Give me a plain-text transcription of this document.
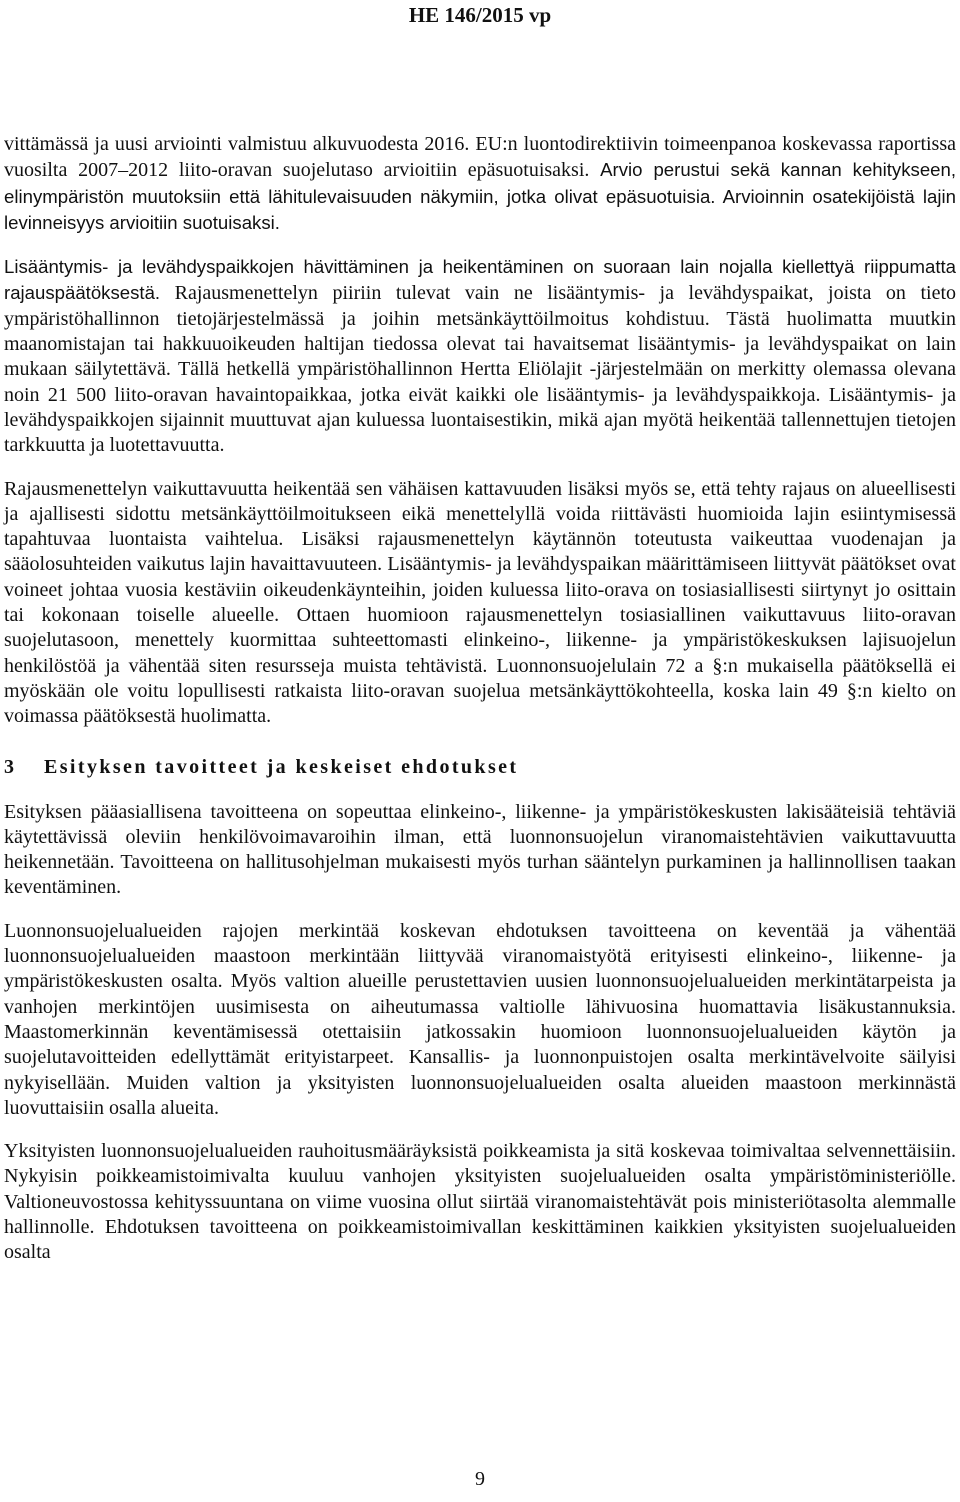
HE 146/2015 vp

vittämässä ja uusi arviointi valmistuu alkuvuodesta 2016. EU:n luontodirektiivin toimeenpanoa koskevassa raportissa vuosilta 2007–2012 liito-oravan suojelutaso arvioitiin epäsuotuisaksi. Arvio perustui sekä kannan kehitykseen, elinympäristön muutoksiin että lähitulevaisuuden näkymiin, jotka olivat epäsuotuisia. Arvioinnin osatekijöistä lajin levinneisyys arvioitiin suotuisaksi.

Lisääntymis- ja levähdyspaikkojen hävittäminen ja heikentäminen on suoraan lain nojalla kiellettyä riippumatta rajauspäätöksestä. Rajausmenettelyn piiriin tulevat vain ne lisääntymis- ja levähdyspaikat, joista on tieto ympäristöhallinnon tietojärjestelmässä ja joihin metsänkäyttöilmoitus kohdistuu. Tästä huolimatta muutkin maanomistajan tai hakkuuoikeuden haltijan tiedossa olevat tai havaitsemat lisääntymis- ja levähdyspaikat on lain mukaan säilytettävä. Tällä hetkellä ympäristöhallinnon Hertta Eliölajit -järjestelmään on merkitty olemassa olevana noin 21 500 liito-oravan havaintopaikkaa, jotka eivät kaikki ole lisääntymis- ja levähdyspaikkoja. Lisääntymis- ja levähdyspaikkojen sijainnit muuttuvat ajan kuluessa luontaisestikin, mikä ajan myötä heikentää tallennettujen tietojen tarkkuutta ja luotettavuutta.

Rajausmenettelyn vaikuttavuutta heikentää sen vähäisen kattavuuden lisäksi myös se, että tehty rajaus on alueellisesti ja ajallisesti sidottu metsänkäyttöilmoitukseen eikä menettelyllä voida riittävästi huomioida lajin esiintymisessä tapahtuvaa luontaista vaihtelua. Lisäksi rajausmenettelyn käytännön toteutusta vaikeuttaa vuodenajan ja sääolosuhteiden vaikutus lajin havaittavuuteen. Lisääntymis- ja levähdyspaikan määrittämiseen liittyvät päätökset ovat voineet johtaa vuosia kestäviin oikeudenkäynteihin, joiden kuluessa liito-orava on tosiasiallisesti siirtynyt jo osittain tai kokonaan toiselle alueelle. Ottaen huomioon rajausmenettelyn tosiasiallinen vaikuttavuus liito-oravan suojelutasoon, menettely kuormittaa suhteettomasti elinkeino-, liikenne- ja ympäristökeskuksen lajisuojelun henkilöstöä ja vähentää siten resursseja muista tehtävistä. Luonnonsuojelulain 72 a §:n mukaisella päätöksellä ei myöskään ole voitu lopullisesti ratkaista liito-oravan suojelua metsänkäyttökohteella, koska lain 49 §:n kielto on voimassa päätöksestä huolimatta.

3 Esityksen tavoitteet ja keskeiset ehdotukset

Esityksen pääasiallisena tavoitteena on sopeuttaa elinkeino-, liikenne- ja ympäristökeskusten lakisääteisiä tehtäviä käytettävissä oleviin henkilövoimavaroihin ilman, että luonnonsuojelun viranomaistehtävien vaikuttavuutta heikennetään. Tavoitteena on hallitusohjelman mukaisesti myös turhan sääntelyn purkaminen ja hallinnollisen taakan keventäminen.

Luonnonsuojelualueiden rajojen merkintää koskevan ehdotuksen tavoitteena on keventää ja vähentää luonnonsuojelualueiden maastoon merkintään liittyvää viranomaistyötä erityisesti elinkeino-, liikenne- ja ympäristökeskusten osalta. Myös valtion alueille perustettavien uusien luonnonsuojelualueiden merkintätarpeista ja vanhojen merkintöjen uusimisesta on aiheutumassa valtiolle lähivuosina huomattavia lisäkustannuksia. Maastomerkinnän keventämisessä otettaisiin jatkossakin huomioon luonnonsuojelualueiden käytön ja suojelutavoitteiden edellyttämät erityistarpeet. Kansallis- ja luonnonpuistojen osalta merkintävelvoite säilyisi nykyisellään. Muiden valtion ja yksityisten luonnonsuojelualueiden osalta alueiden maastoon merkinnästä luovuttaisiin osalla alueita.

Yksityisten luonnonsuojelualueiden rauhoitusmääräyksistä poikkeamista ja sitä koskevaa toimivaltaa selvennettäisiin. Nykyisin poikkeamistoimivalta kuuluu vanhojen yksityisten suojelualueiden osalta ympäristöministeriölle. Valtioneuvostossa kehityssuuntana on viime vuosina ollut siirtää viranomaistehtävät pois ministeriötasolta alemmalle hallinnolle. Ehdotuksen tavoitteena on poikkeamistoimivallan keskittäminen kaikkien yksityisten suojelualueiden osalta

9
